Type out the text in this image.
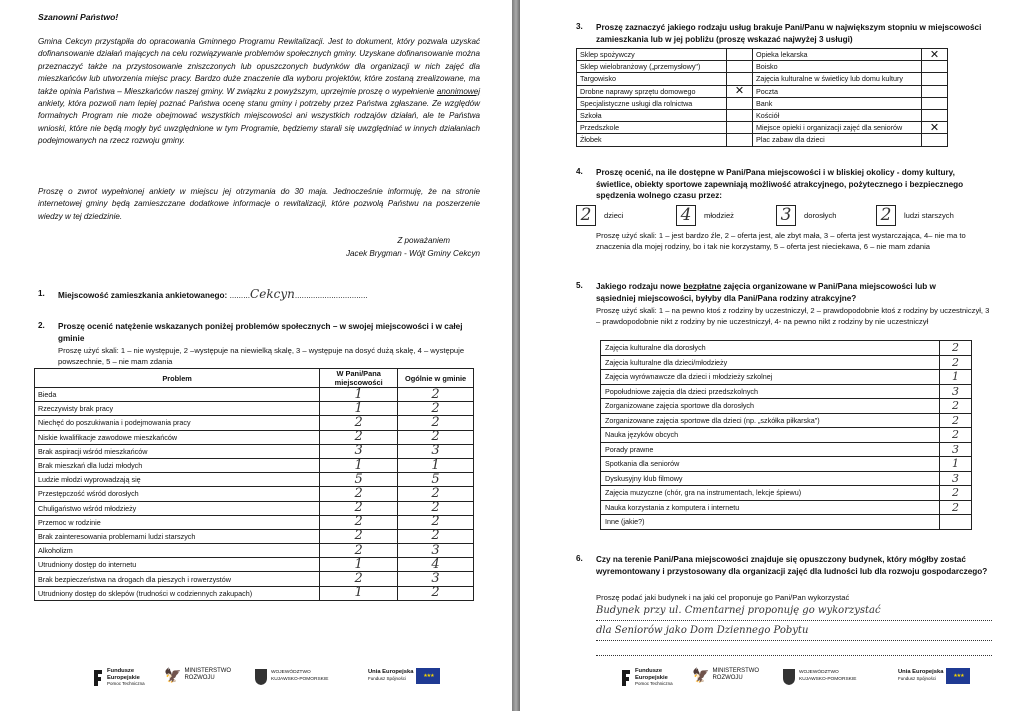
Szanowni Państwo!

Gmina Cekcyn przystąpiła do opracowania Gminnego Programu Rewitalizacji. Jest to dokument, który pozwala uzyskać dofinansowanie działań mających na celu rozwiązywanie problemów społecznych gminy. Uzyskane dofinansowanie można przeznaczyć także na przystosowanie zniszczonych lub opuszczonych budynków dla organizacji w nich zajęć dla mieszkańców lub utworzenia miejsc pracy. Bardzo duże znaczenie dla wyboru projektów, które zostaną zrealizowane, ma także opinia Państwa – Mieszkańców naszej gminy. W związku z powyższym, uprzejmie proszę o wypełnienie anonimowej ankiety, która pozwoli nam lepiej poznać Państwa ocenę stanu gminy i potrzeby przez Państwa zgłaszane. Ze względów formalnych Program nie może obejmować wszystkich miejscowości ani wszystkich rodzajów działań, ale te Państwa wnioski, które nie będą mogły być uwzględnione w tym Programie, będziemy starali się uwzględniać w innych działaniach podejmowanych na rzecz rozwoju gminy.

Proszę o zwrot wypełnionej ankiety w miejscu jej otrzymania do 30 maja. Jednocześnie informuję, że na stronie internetowej gminy będą zamieszczane dodatkowe informacje o rewitalizacji, które pozwolą Państwu na poszerzenie wiedzy w tej dziedzinie.
Z poważaniem
Jacek Brygman - Wójt Gminy Cekcyn
1. Miejscowość zamieszkania ankietowanego: .........Cekcyn................................
2. Proszę ocenić natężenie wskazanych poniżej problemów społecznych – w swojej miejscowości i w całej gminie
Proszę użyć skali: 1 – nie występuje, 2 –występuje na niewielką skalę, 3 – występuje na dosyć dużą skalę, 4 – występuje powszechnie, 5 – nie mam zdania
Problem	W Pani/Pana miejscowości	Ogólnie w gminie
Bieda	1	2
Rzeczywisty brak pracy	1	2
Niechęć do poszukiwania i podejmowania pracy	2	2
Niskie kwalifikacje zawodowe mieszkańców	2	2
Brak aspiracji wśród mieszkańców	3	3
Brak mieszkań dla ludzi młodych	1	1
Ludzie młodzi wyprowadzają się	5	5
Przestępczość wśród dorosłych	2	2
Chuligaństwo wśród młodzieży	2	2
Przemoc w rodzinie	2	2
Brak zainteresowania problemami ludzi starszych	2	2
Alkoholizm	2	3
Utrudniony dostęp do internetu	1	4
Brak bezpieczeństwa na drogach dla pieszych i rowerzystów	2	3
Utrudniony dostęp do sklepów (trudności w codziennych zakupach)	1	2
Fundusze
Europejskie
Pomoc Techniczna
🦅 MINISTERSTWO
ROZWOJU
WOJEWÓDZTWO
KUJAWSKO-POMORSKIE
Unia Europejska
Fundusz Spójności	★★★
3. Proszę zaznaczyć jakiego rodzaju usług brakuje Pani/Panu w największym stopniu w miejscowości zamieszkania lub w jej pobliżu (proszę wskazać najwyżej 3 usługi)
Sklep spożywczy		Opieka lekarska	✕
Sklep wielobranżowy („przemysłowy")		Boisko	
Targowisko		Zajęcia kulturalne w świetlicy lub domu kultury	
Drobne naprawy sprzętu domowego	✕	Poczta	
Specjalistyczne usługi dla rolnictwa		Bank	
Szkoła		Kościół	
Przedszkole		Miejsce opieki i organizacji zajęć dla seniorów	✕
Żłobek		Plac zabaw dla dzieci	
4. Proszę ocenić, na ile dostępne w Pani/Pana miejscowości i w bliskiej okolicy - domy kultury, świetlice, obiekty sportowe zapewniają możliwość atrakcyjnego, pożytecznego i bezpiecznego spędzenia wolnego czasu przez:
2	dzieci	4	młodzież	3	dorosłych	2	ludzi starszych
Proszę użyć skali: 1 – jest bardzo źle, 2 – oferta jest, ale zbyt mała, 3 – oferta jest wystarczająca, 4– nie ma to znaczenia dla mojej rodziny, bo i tak nie korzystamy, 5 – oferta jest nieciekawa, 6 – nie mam zdania
5. Jakiego rodzaju nowe bezpłatne zajęcia organizowane w Pani/Pana miejscowości lub w sąsiedniej miejscowości, byłyby dla Pani/Pana rodziny atrakcyjne?
Proszę użyć skali: 1 – na pewno ktoś z rodziny by uczestniczył, 2 – prawdopodobnie ktoś z rodziny by uczestniczył, 3 – prawdopodobnie nikt z rodziny by nie uczestniczył, 4- na pewno nikt z rodziny by nie uczestniczył
Zajęcia kulturalne dla dorosłych	2
Zajęcia kulturalne dla dzieci/młodzieży	2
Zajęcia wyrównawcze dla dzieci i młodzieży szkolnej	1
Popołudniowe zajęcia dla dzieci przedszkolnych	3
Zorganizowane zajęcia sportowe dla dorosłych	2
Zorganizowane zajęcia sportowe dla dzieci (np. „szkółka piłkarska")	2
Nauka języków obcych	2
Porady prawne	3
Spotkania dla seniorów	1
Dyskusyjny klub filmowy	3
Zajęcia muzyczne (chór, gra na instrumentach, lekcje śpiewu)	2
Nauka korzystania z komputera i internetu	2
Inne (jakie?)	
6. Czy na terenie Pani/Pana miejscowości znajduje się opuszczony budynek, który mógłby zostać wyremontowany i przystosowany dla organizacji zajęć dla ludności lub dla rozwoju gospodarczego?
Proszę podać jaki budynek i na jaki cel proponuje go Pani/Pan wykorzystać
Budynek przy ul. Cmentarnej proponuję go wykorzystać
dla Seniorów jako Dom Dziennego Pobytu
Fundusze
Europejskie
Pomoc Techniczna
🦅 MINISTERSTWO
ROZWOJU
WOJEWÓDZTWO
KUJAWSKO-POMORSKIE
Unia Europejska
Fundusz Spójności	★★★
